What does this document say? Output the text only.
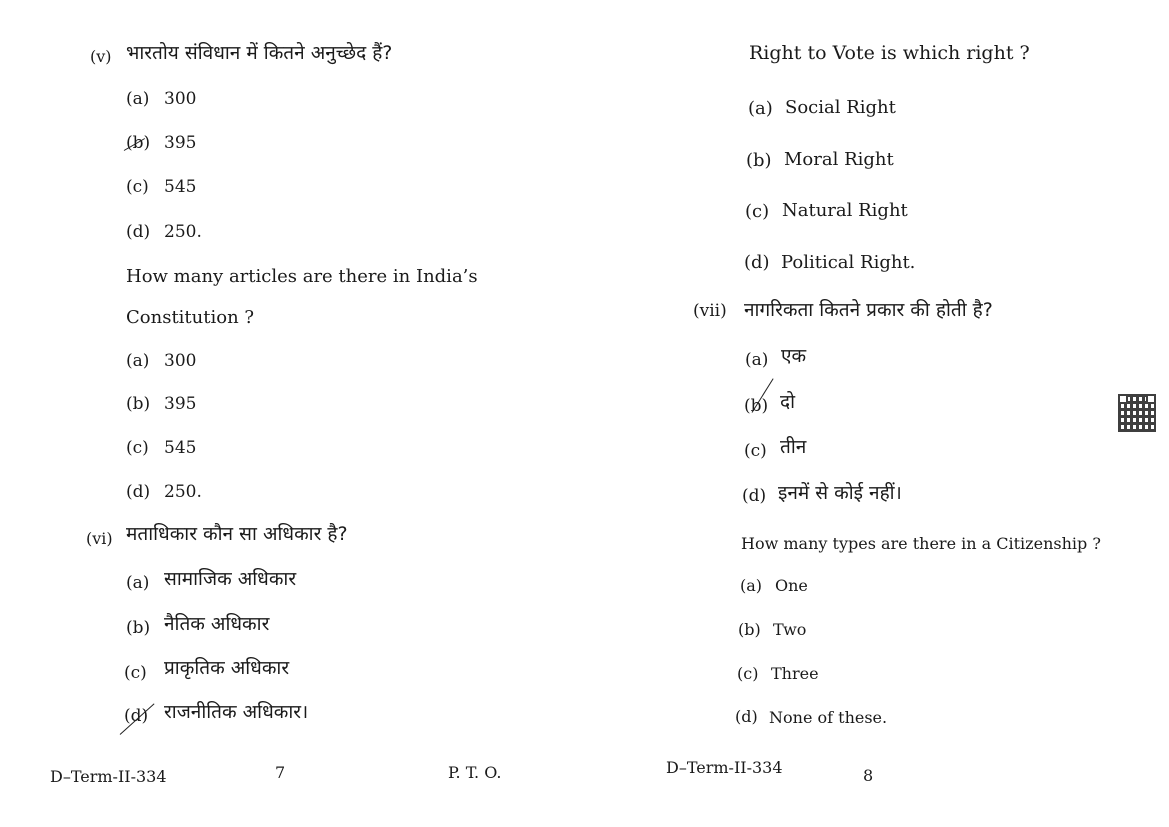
(v) भारतोय संविधान में कितने अनुच्छेद हैं?
(a) 300
(b) 395
(c) 545
(d) 250.
How many articles are there in India’s
Constitution ?
(a) 300
(b) 395
(c) 545
(d) 250.
(vi) मताधिकार कौन सा अधिकार है?
(a) सामाजिक अधिकार
(b) नैतिक अधिकार
(c) प्राकृतिक अधिकार
(d) राजनीतिक अधिकार।
D–Term-II-334	7	P. T. O.
Right to Vote is which right ?
(a) Social Right
(b) Moral Right
(c) Natural Right
(d) Political Right.
(vii) नागरिकता कितने प्रकार की होती है?
(a) एक
(b) दो
(c) तीन
(d) इनमें से कोई नहीं।
How many types are there in a Citizenship ?
(a) One
(b) Two
(c) Three
(d) None of these.
D–Term-II-334	8
